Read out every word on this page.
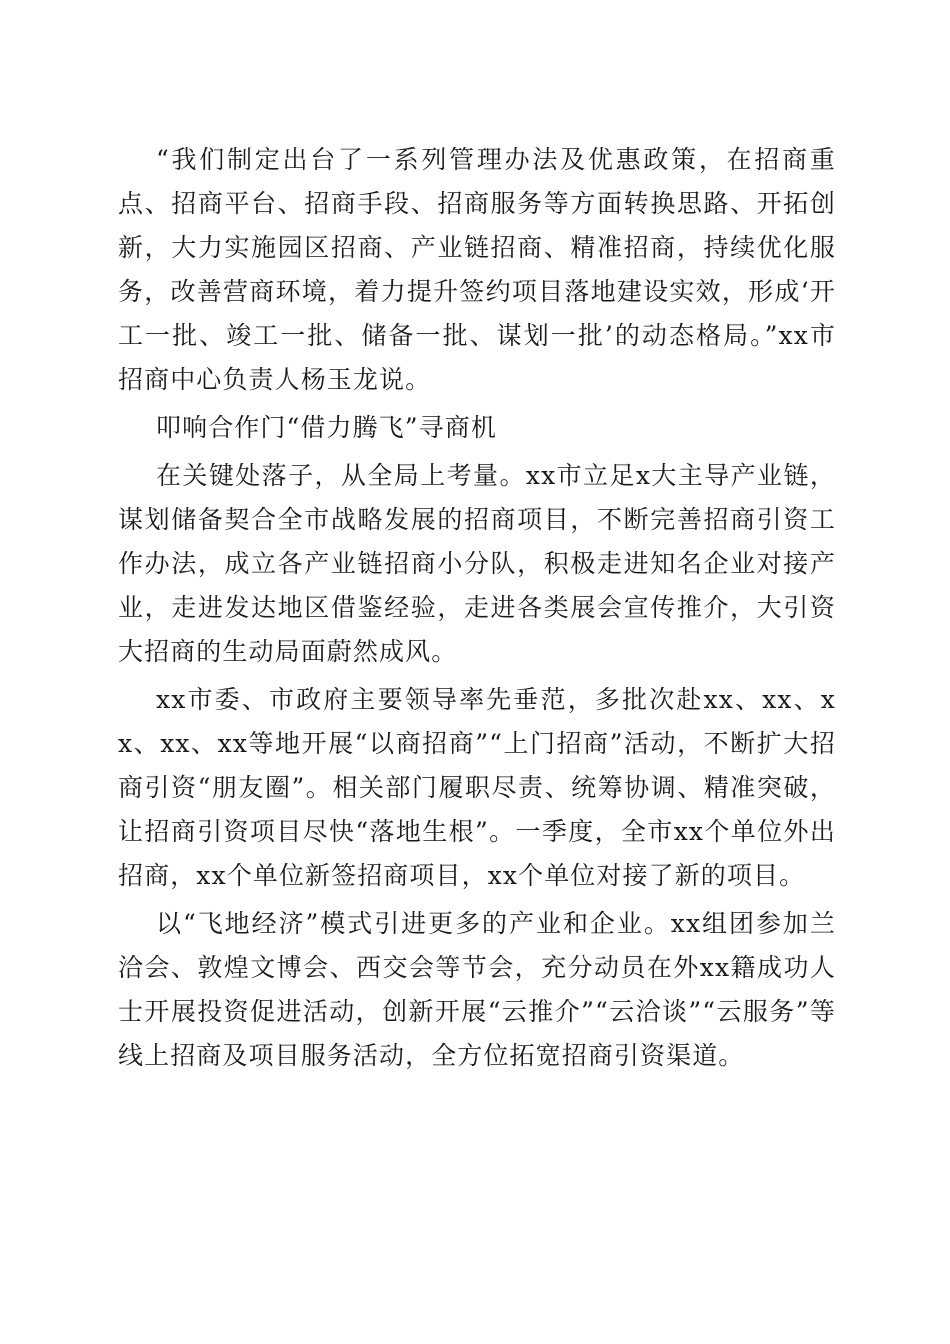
“我们制定出台了一系列管理办法及优惠政策，在招商重点、招商平台、招商手段、招商服务等方面转换思路、开拓创新，大力实施园区招商、产业链招商、精准招商，持续优化服务，改善营商环境，着力提升签约项目落地建设实效，形成‘开工一批、竣工一批、储备一批、谋划一批’的动态格局。”xx市招商中心负责人杨玉龙说。

叩响合作门“借力腾飞”寻商机

在关键处落子，从全局上考量。xx市立足x大主导产业链，谋划储备契合全市战略发展的招商项目，不断完善招商引资工作办法，成立各产业链招商小分队，积极走进知名企业对接产业，走进发达地区借鉴经验，走进各类展会宣传推介，大引资大招商的生动局面蔚然成风。

xx市委、市政府主要领导率先垂范，多批次赴xx、xx、xx、xx、xx等地开展“以商招商”“上门招商”活动，不断扩大招商引资“朋友圈”。相关部门履职尽责、统筹协调、精准突破，让招商引资项目尽快“落地生根”。一季度，全市xx个单位外出招商，xx个单位新签招商项目，xx个单位对接了新的项目。

以“飞地经济”模式引进更多的产业和企业。xx组团参加兰洽会、敦煌文博会、西交会等节会，充分动员在外xx籍成功人士开展投资促进活动，创新开展“云推介”“云洽谈”“云服务”等线上招商及项目服务活动，全方位拓宽招商引资渠道。
